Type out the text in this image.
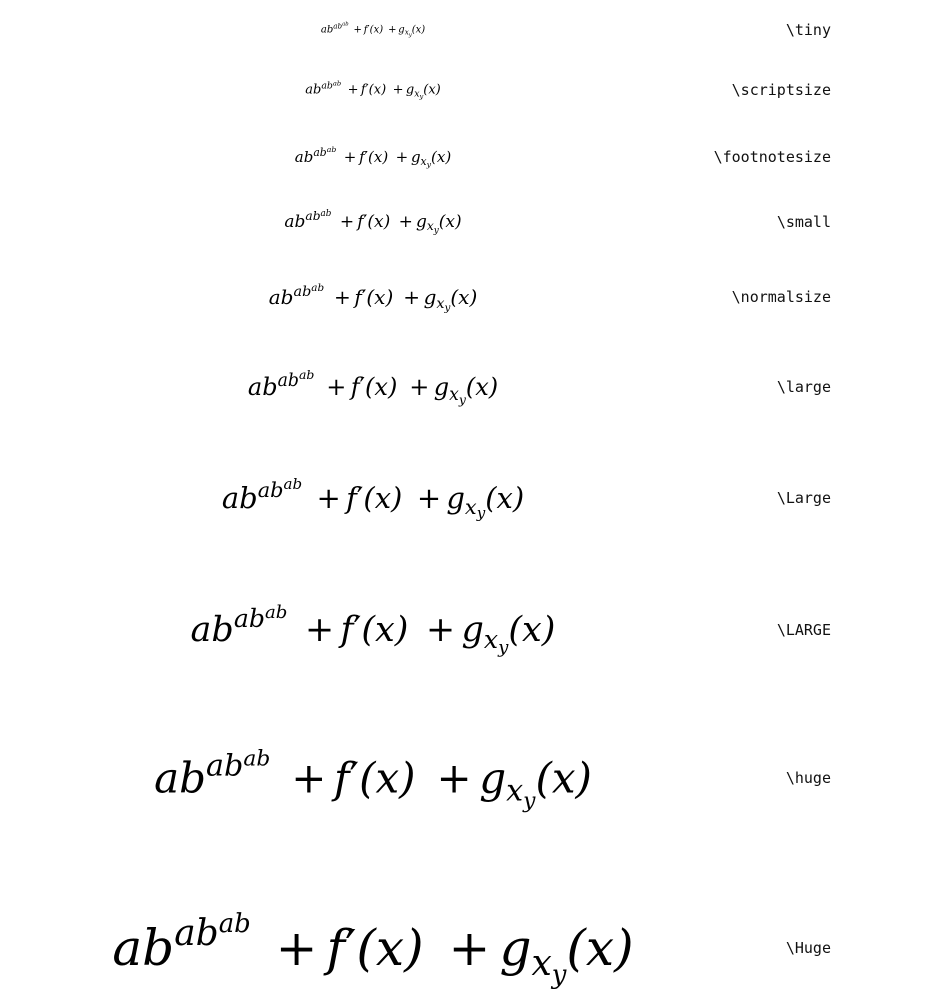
$ab^{ab^{ab}} + f'(x) + g_{x_y}(x)$	\tiny
$ab^{ab^{ab}} + f'(x) + g_{x_y}(x)$	\scriptsize
$ab^{ab^{ab}} + f'(x) + g_{x_y}(x)$	\footnotesize
$ab^{ab^{ab}} + f'(x) + g_{x_y}(x)$	\small
$ab^{ab^{ab}} + f'(x) + g_{x_y}(x)$	\normalsize
$ab^{ab^{ab}} + f'(x) + g_{x_y}(x)$	\large
$ab^{ab^{ab}} + f'(x) + g_{x_y}(x)$	\Large
$ab^{ab^{ab}} + f'(x) + g_{x_y}(x)$	\LARGE
$ab^{ab^{ab}} + f'(x) + g_{x_y}(x)$	\huge
$ab^{ab^{ab}} + f'(x) + g_{x_y}(x)$	\Huge
